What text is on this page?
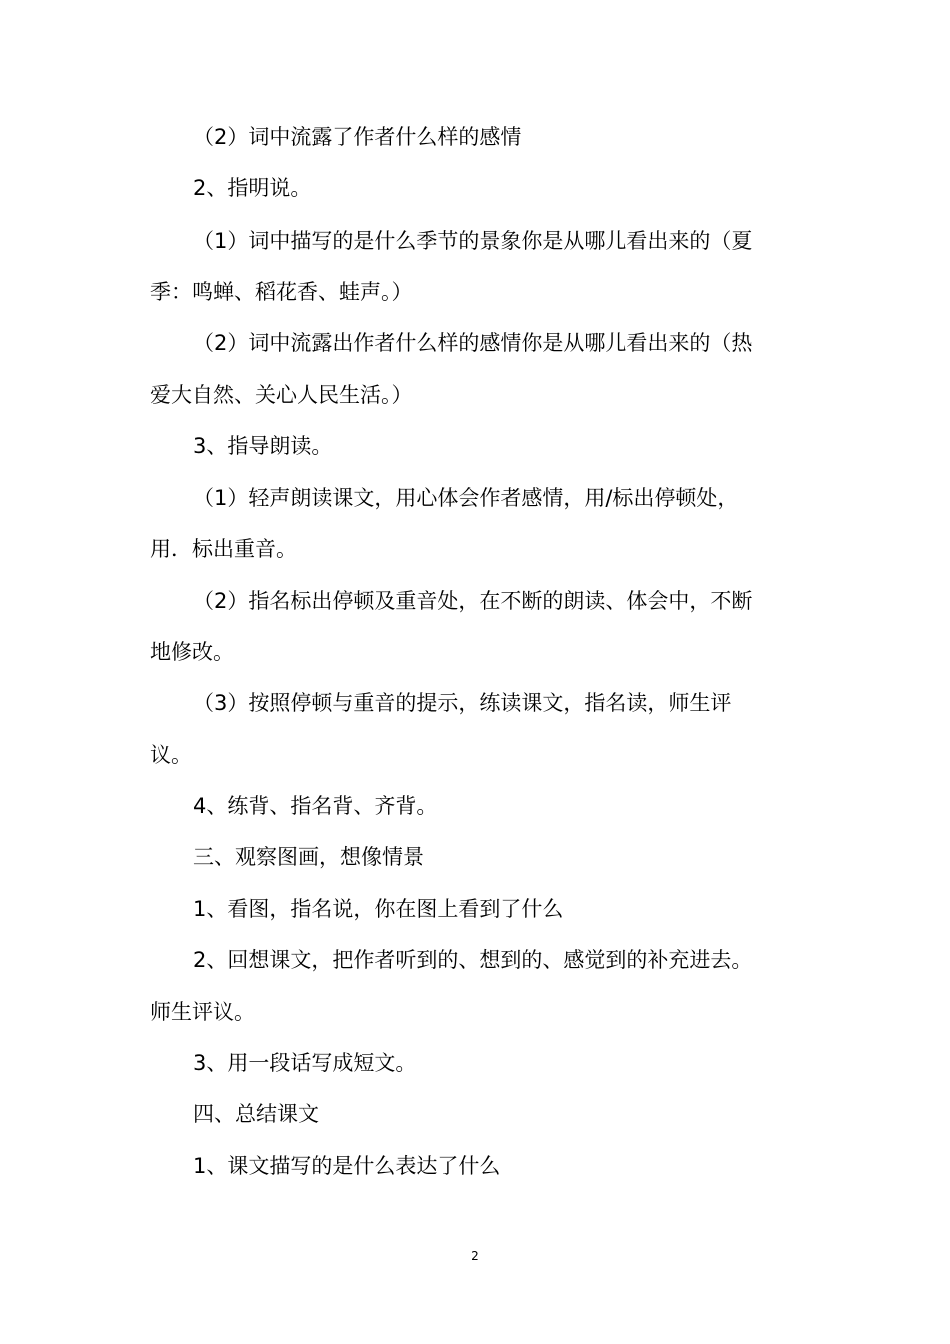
（2）词中流露了作者什么样的感情
2、指明说。
（1）词中描写的是什么季节的景象你是从哪儿看出来的（夏
季：鸣蝉、稻花香、蛙声。）
（2）词中流露出作者什么样的感情你是从哪儿看出来的（热
爱大自然、关心人民生活。）
3、指导朗读。
（1）轻声朗读课文，用心体会作者感情，用/标出停顿处，
用．标出重音。
（2）指名标出停顿及重音处，在不断的朗读、体会中，不断
地修改。
（3）按照停顿与重音的提示，练读课文，指名读，师生评
议。
4、练背、指名背、齐背。
三、观察图画，想像情景
1、看图，指名说，你在图上看到了什么
2、回想课文，把作者听到的、想到的、感觉到的补充进去。
师生评议。
3、用一段话写成短文。
四、总结课文
1、课文描写的是什么表达了什么
2
